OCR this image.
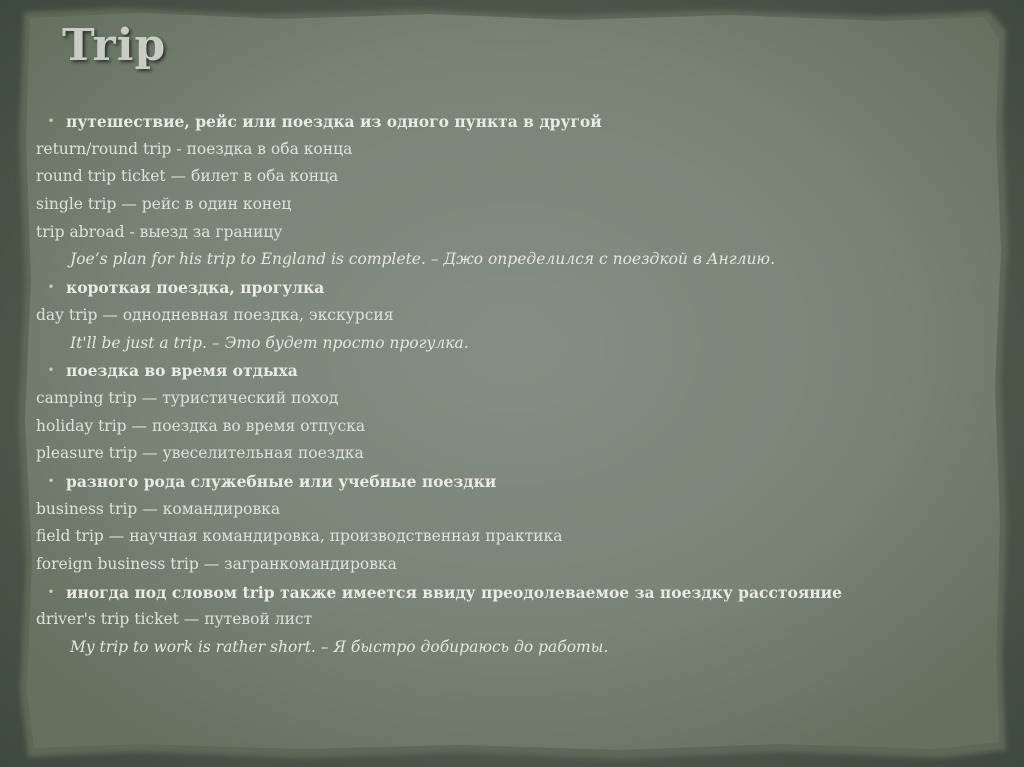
Trip
• путешествие, рейс или поездка из одного пункта в другой
return/round trip - поездка в оба конца
round trip ticket — билет в оба конца
single trip — рейс в один конец
trip abroad - выезд за границу
Joe’s plan for his trip to England is complete. – Джо определился с поездкой в Англию.
• короткая поездка, прогулка
day trip — однодневная поездка, экскурсия
It'll be just a trip. – Это будет просто прогулка.
• поездка во время отдыха
camping trip — туристический поход
holiday trip — поездка во время отпуска
pleasure trip — увеселительная поездка
• разного рода служебные или учебные поездки
business trip — командировка
field trip — научная командировка, производственная практика
foreign business trip — загранкомандировка
• иногда под словом trip также имеется ввиду преодолеваемое за поездку расстояние
driver's trip ticket — путевой лист
My trip to work is rather short. – Я быстро добираюсь до работы.
